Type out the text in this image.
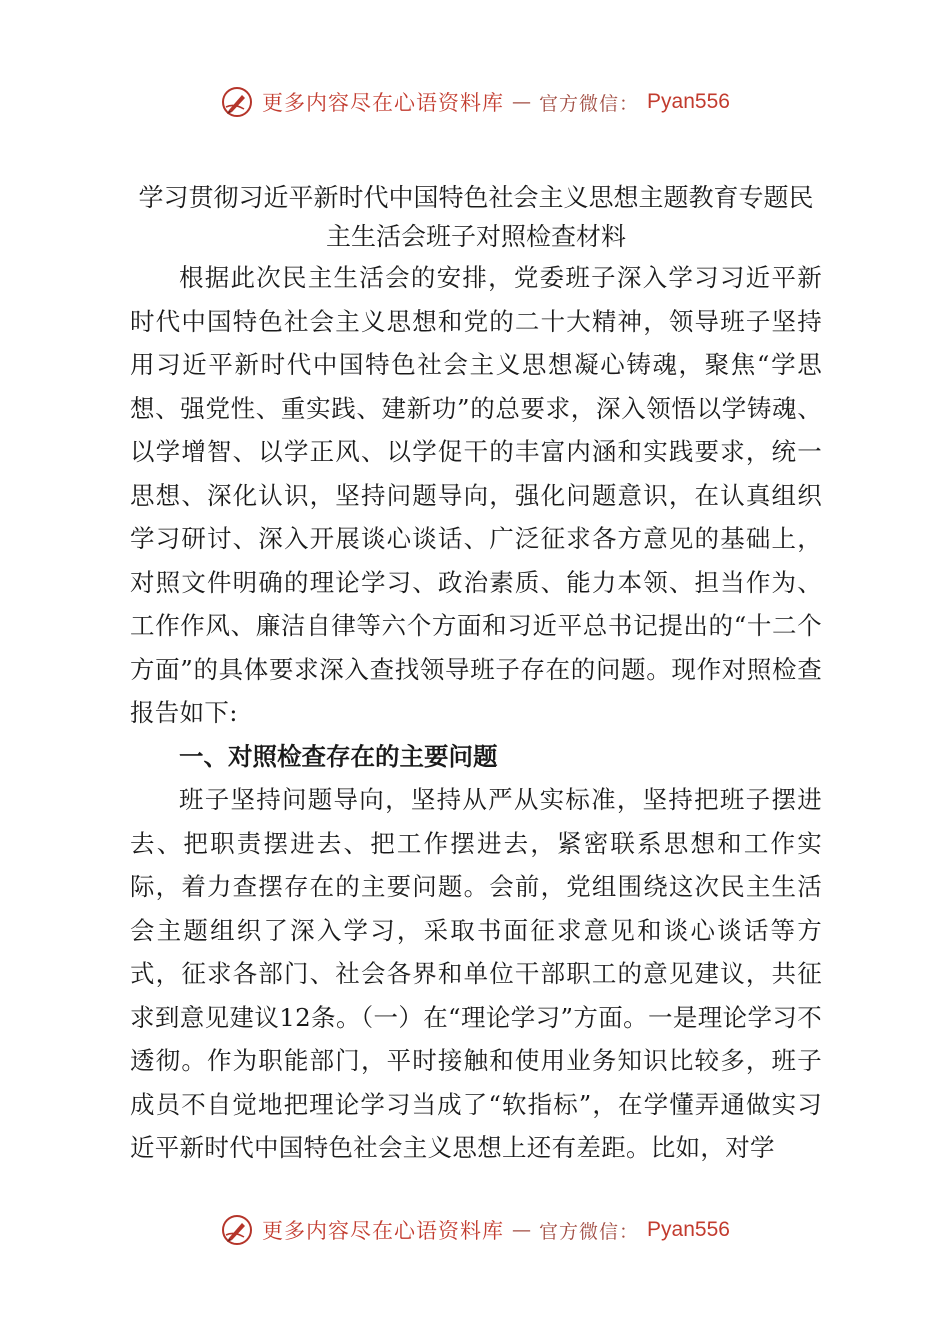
更多内容尽在心语资料库 — 官方微信： Pyan556
学习贯彻习近平新时代中国特色社会主义思想主题教育专题民
主生活会班子对照检查材料

根据此次民主生活会的安排，党委班子深入学习习近平新时代中国特色社会主义思想和党的二十大精神，领导班子坚持用习近平新时代中国特色社会主义思想凝心铸魂，聚焦“学思想、强党性、重实践、建新功”的总要求，深入领悟以学铸魂、以学增智、以学正风、以学促干的丰富内涵和实践要求，统一思想、深化认识，坚持问题导向，强化问题意识，在认真组织学习研讨、深入开展谈心谈话、广泛征求各方意见的基础上，对照文件明确的理论学习、政治素质、能力本领、担当作为、工作作风、廉洁自律等六个方面和习近平总书记提出的“十二个方面”的具体要求深入查找领导班子存在的问题。现作对照检查报告如下:

一、对照检查存在的主要问题

班子坚持问题导向，坚持从严从实标准，坚持把班子摆进去、把职责摆进去、把工作摆进去，紧密联系思想和工作实际，着力查摆存在的主要问题。会前，党组围绕这次民主生活会主题组织了深入学习，采取书面征求意见和谈心谈话等方式，征求各部门、社会各界和单位干部职工的意见建议，共征求到意见建议12条。（一）在“理论学习”方面。一是理论学习不透彻。作为职能部门，平时接触和使用业务知识比较多，班子成员不自觉地把理论学习当成了“软指标”，在学懂弄通做实习近平新时代中国特色社会主义思想上还有差距。比如，对学

更多内容尽在心语资料库 — 官方微信： Pyan556
